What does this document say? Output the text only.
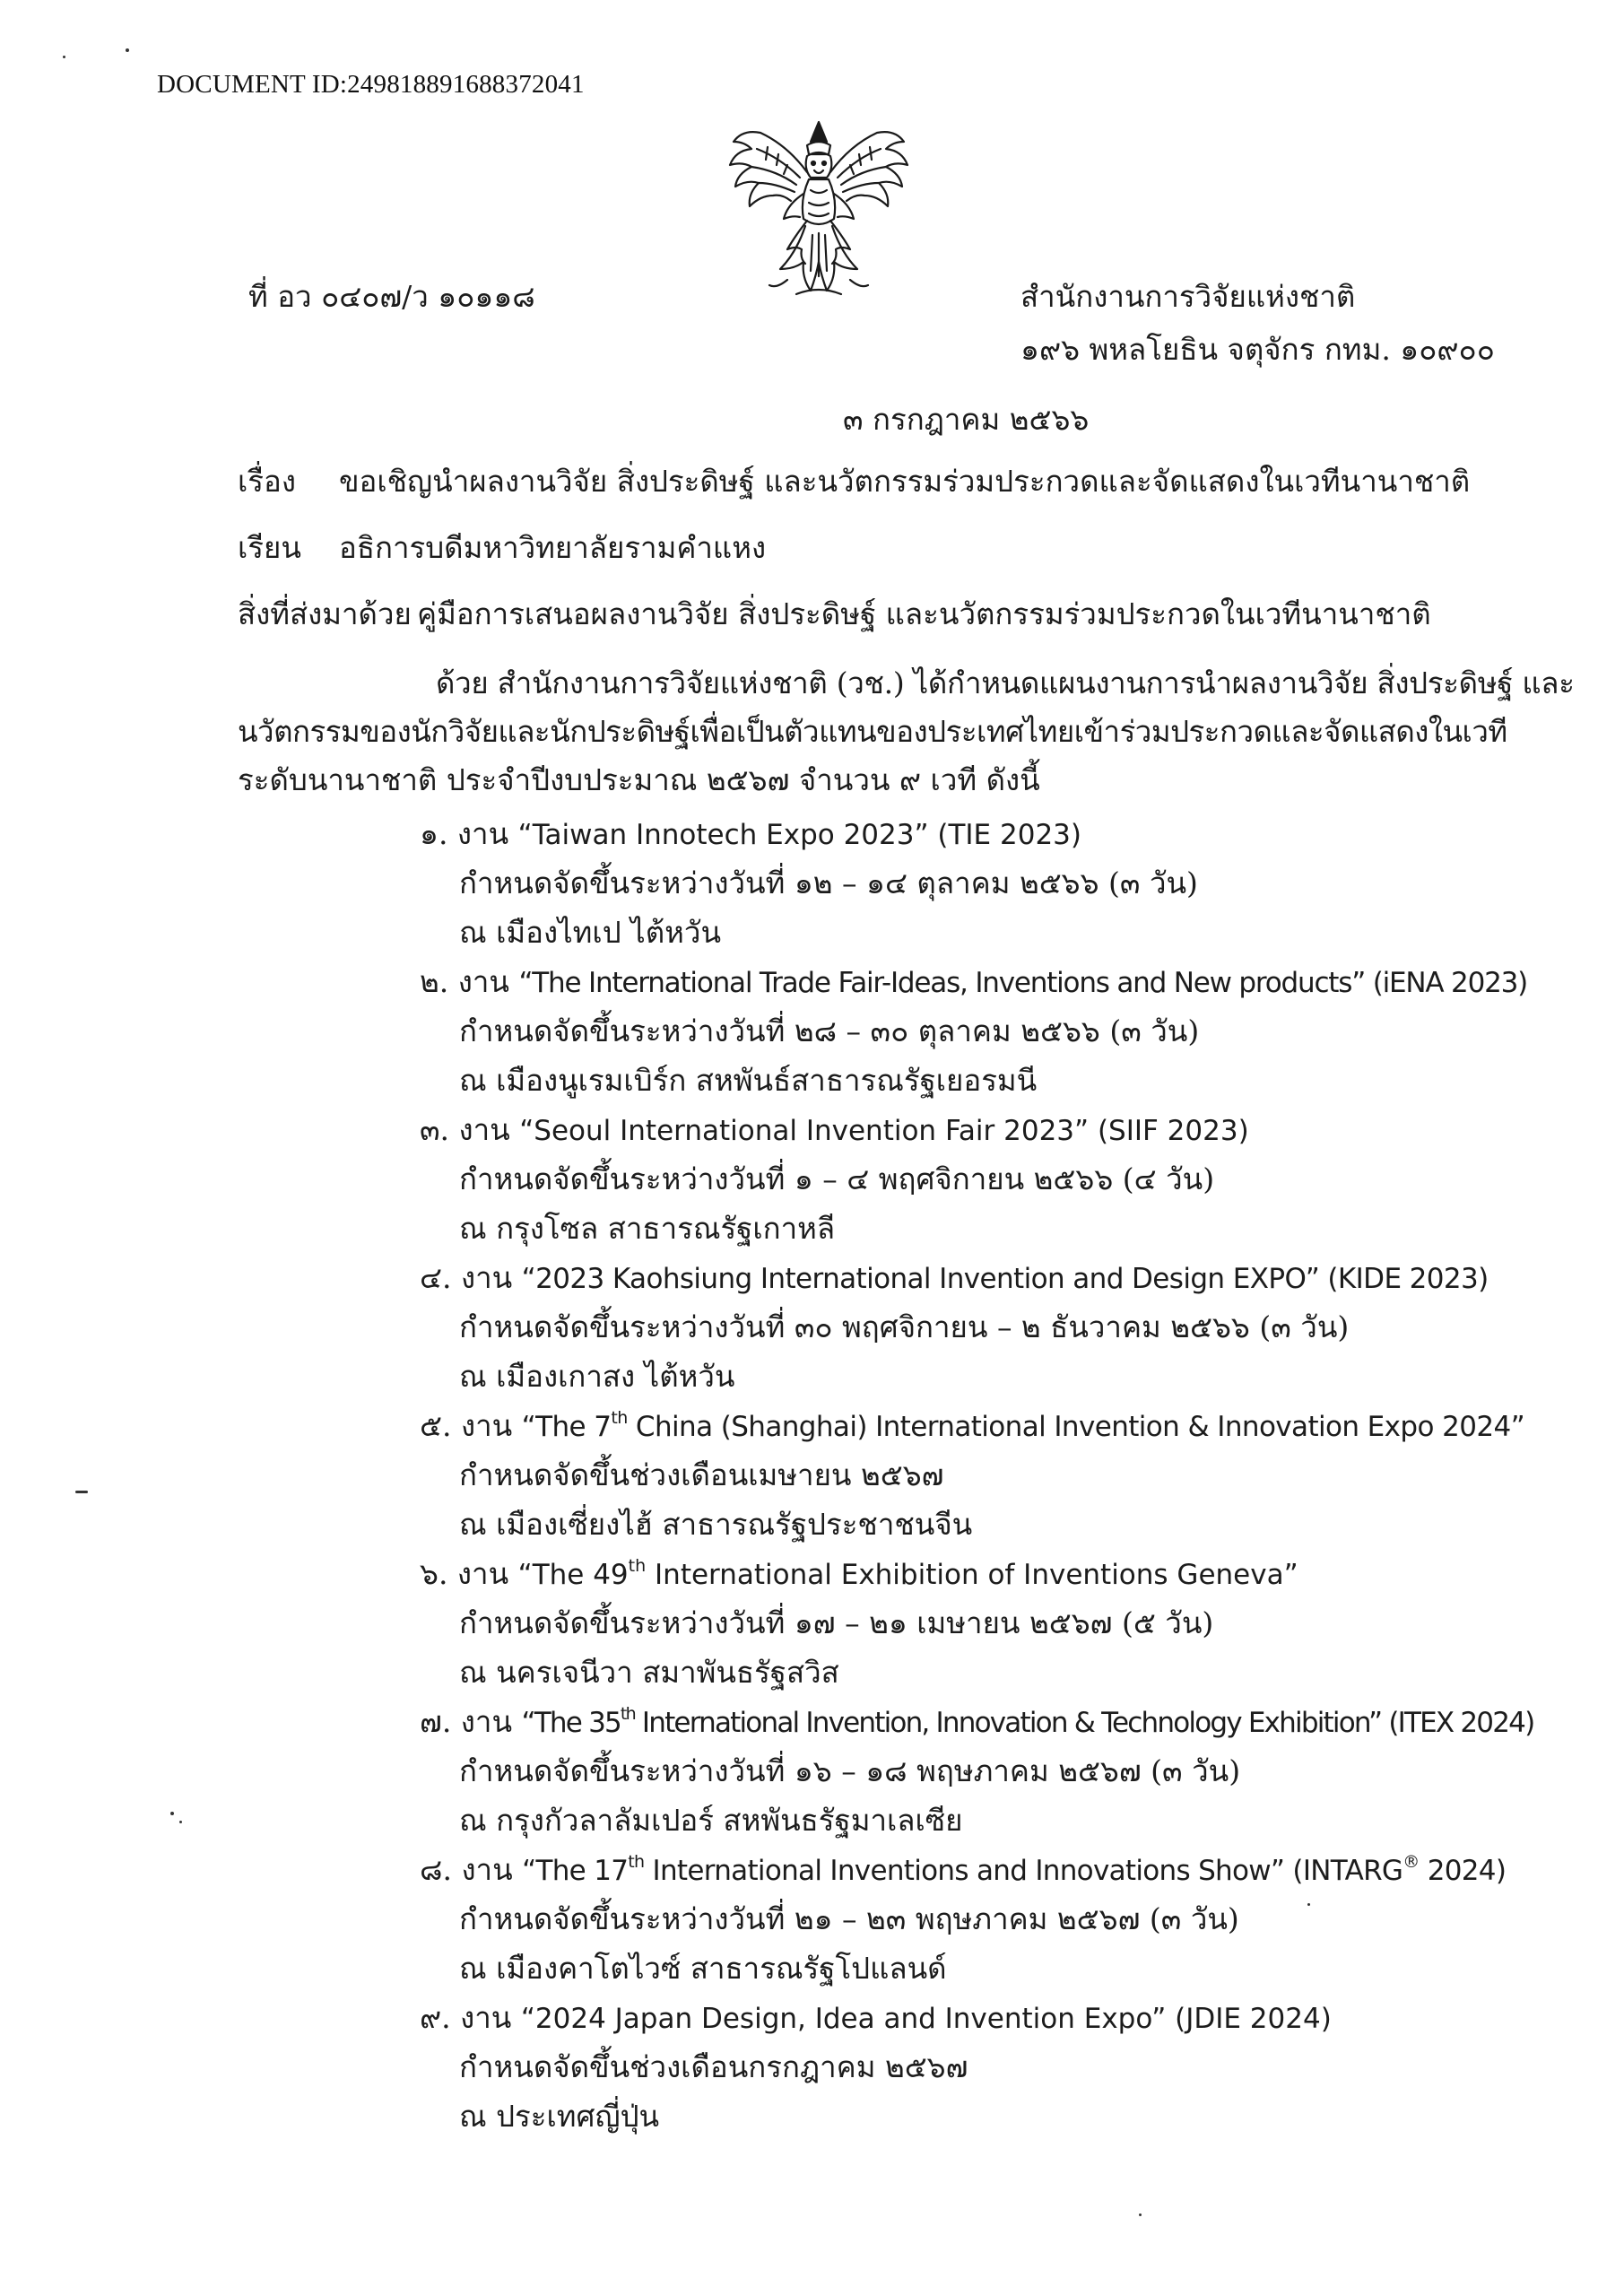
DOCUMENT ID:2498188916883720​41
ที่ อว ๐๔๐๗/ว ๑๐๑๑๘	สำนักงานการวิจัยแห่งชาติ
๑๙๖ พหลโยธิน จตุจักร กทม. ๑๐๙๐๐
๓ กรกฎาคม ๒๕๖๖
เรื่อง ขอเชิญนำผลงานวิจัย สิ่งประดิษฐ์ และนวัตกรรมร่วมประกวดและจัดแสดงในเวทีนานาชาติ
เรียน อธิการบดีมหาวิทยาลัยรามคำแหง
สิ่งที่ส่งมาด้วย คู่มือการเสนอผลงานวิจัย สิ่งประดิษฐ์ และนวัตกรรมร่วมประกวดในเวทีนานาชาติ
ด้วย สำนักงานการวิจัยแห่งชาติ (วช.) ได้กำหนดแผนงานการนำผลงานวิจัย สิ่งประดิษฐ์ และ
นวัตกรรมของนักวิจัยและนักประดิษฐ์เพื่อเป็นตัวแทนของประเทศไทยเข้าร่วมประกวดและจัดแสดงในเวที
ระดับนานาชาติ ประจำปีงบประมาณ ๒๕๖๗ จำนวน ๙ เวที ดังนี้
๑. งาน “Taiwan Innotech Expo 2023” (TIE 2023)
กำหนดจัดขึ้นระหว่างวันที่ ๑๒ – ๑๔ ตุลาคม ๒๕๖๖ (๓ วัน)
ณ เมืองไทเป ไต้หวัน
๒. งาน “The International Trade Fair-Ideas, Inventions and New products” (iENA 2023)
กำหนดจัดขึ้นระหว่างวันที่ ๒๘ – ๓๐ ตุลาคม ๒๕๖๖ (๓ วัน)
ณ เมืองนูเรมเบิร์ก สหพันธ์สาธารณรัฐเยอรมนี
๓. งาน “Seoul International Invention Fair 2023” (SIIF 2023)
กำหนดจัดขึ้นระหว่างวันที่ ๑ – ๔ พฤศจิกายน ๒๕๖๖ (๔ วัน)
ณ กรุงโซล สาธารณรัฐเกาหลี
๔. งาน “2023 Kaohsiung International Invention and Design EXPO” (KIDE 2023)
กำหนดจัดขึ้นระหว่างวันที่ ๓๐ พฤศจิกายน – ๒ ธันวาคม ๒๕๖๖ (๓ วัน)
ณ เมืองเกาสง ไต้หวัน
๕. งาน “The 7th China (Shanghai) International Invention & Innovation Expo 2024”
กำหนดจัดขึ้นช่วงเดือนเมษายน ๒๕๖๗
ณ เมืองเซี่ยงไฮ้ สาธารณรัฐประชาชนจีน
๖. งาน “The 49th International Exhibition of Inventions Geneva”
กำหนดจัดขึ้นระหว่างวันที่ ๑๗ – ๒๑ เมษายน ๒๕๖๗ (๕ วัน)
ณ นครเจนีวา สมาพันธรัฐสวิส
๗. งาน “The 35th International Invention, Innovation & Technology Exhibition” (ITEX 2024)
กำหนดจัดขึ้นระหว่างวันที่ ๑๖ – ๑๘ พฤษภาคม ๒๕๖๗ (๓ วัน)
ณ กรุงกัวลาลัมเปอร์ สหพันธรัฐมาเลเซีย
๘. งาน “The 17th International Inventions and Innovations Show” (INTARG® 2024)
กำหนดจัดขึ้นระหว่างวันที่ ๒๑ – ๒๓ พฤษภาคม ๒๕๖๗ (๓ วัน)
ณ เมืองคาโตไวซ์ สาธารณรัฐโปแลนด์
๙. งาน “2024 Japan Design, Idea and Invention Expo” (JDIE 2024)
กำหนดจัดขึ้นช่วงเดือนกรกฎาคม ๒๕๖๗
ณ ประเทศญี่ปุ่น
